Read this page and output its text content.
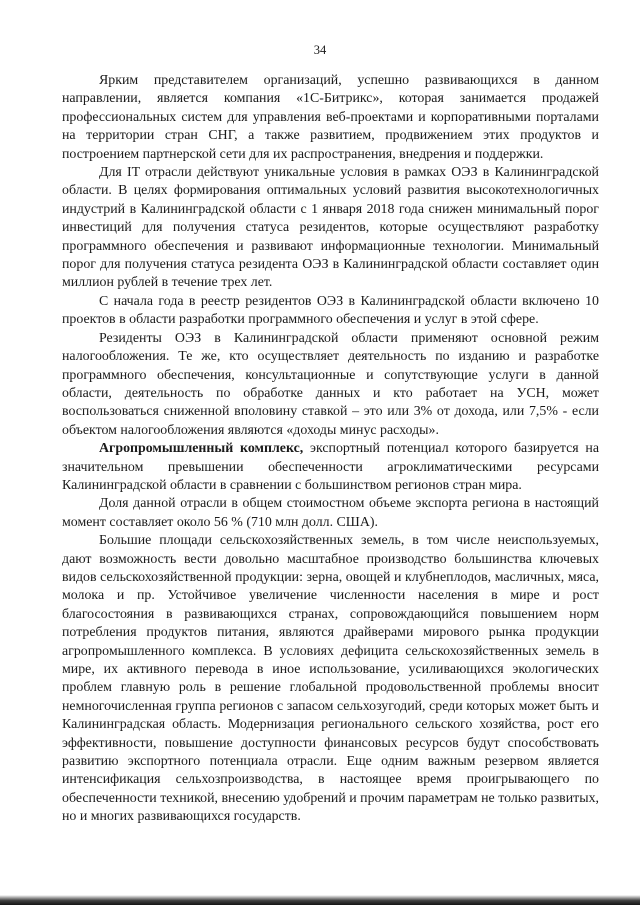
34

Ярким представителем организаций, успешно развивающихся в данном направлении, является компания «1С-Битрикс», которая занимается продажей профессиональных систем для управления веб-проектами и корпоративными порталами на территории стран СНГ, а также развитием, продвижением этих продуктов и построением партнерской сети для их распространения, внедрения и поддержки.

Для IT отрасли действуют уникальные условия в рамках ОЭЗ в Калининградской области. В целях формирования оптимальных условий развития высокотехнологичных индустрий в Калининградской области с 1 января 2018 года снижен минимальный порог инвестиций для получения статуса резидентов, которые осуществляют разработку программного обеспечения и развивают информационные технологии. Минимальный порог для получения статуса резидента ОЭЗ в Калининградской области составляет один миллион рублей в течение трех лет.

С начала года в реестр резидентов ОЭЗ в Калининградской области включено 10 проектов в области разработки программного обеспечения и услуг в этой сфере.

Резиденты ОЭЗ в Калининградской области применяют основной режим налогообложения. Те же, кто осуществляет деятельность по изданию и разработке программного обеспечения, консультационные и сопутствующие услуги в данной области, деятельность по обработке данных и кто работает на УСН, может воспользоваться сниженной вполовину ставкой – это или 3% от дохода, или 7,5% - если объектом налогообложения являются «доходы минус расходы».

Агропромышленный комплекс, экспортный потенциал которого базируется на значительном превышении обеспеченности агроклиматическими ресурсами Калининградской области в сравнении с большинством регионов стран мира.

Доля данной отрасли в общем стоимостном объеме экспорта региона в настоящий момент составляет около 56 % (710 млн долл. США).

Большие площади сельскохозяйственных земель, в том числе неиспользуемых, дают возможность вести довольно масштабное производство большинства ключевых видов сельскохозяйственной продукции: зерна, овощей и клубнеплодов, масличных, мяса, молока и пр. Устойчивое увеличение численности населения в мире и рост благосостояния в развивающихся странах, сопровождающийся повышением норм потребления продуктов питания, являются драйверами мирового рынка продукции агропромышленного комплекса. В условиях дефицита сельскохозяйственных земель в мире, их активного перевода в иное использование, усиливающихся экологических проблем главную роль в решение глобальной продовольственной проблемы вносит немногочисленная группа регионов с запасом сельхозугодий, среди которых может быть и Калининградская область. Модернизация регионального сельского хозяйства, рост его эффективности, повышение доступности финансовых ресурсов будут способствовать развитию экспортного потенциала отрасли. Еще одним важным резервом является интенсификация сельхозпроизводства, в настоящее время проигрывающего по обеспеченности техникой, внесению удобрений и прочим параметрам не только развитых, но и многих развивающихся государств.
